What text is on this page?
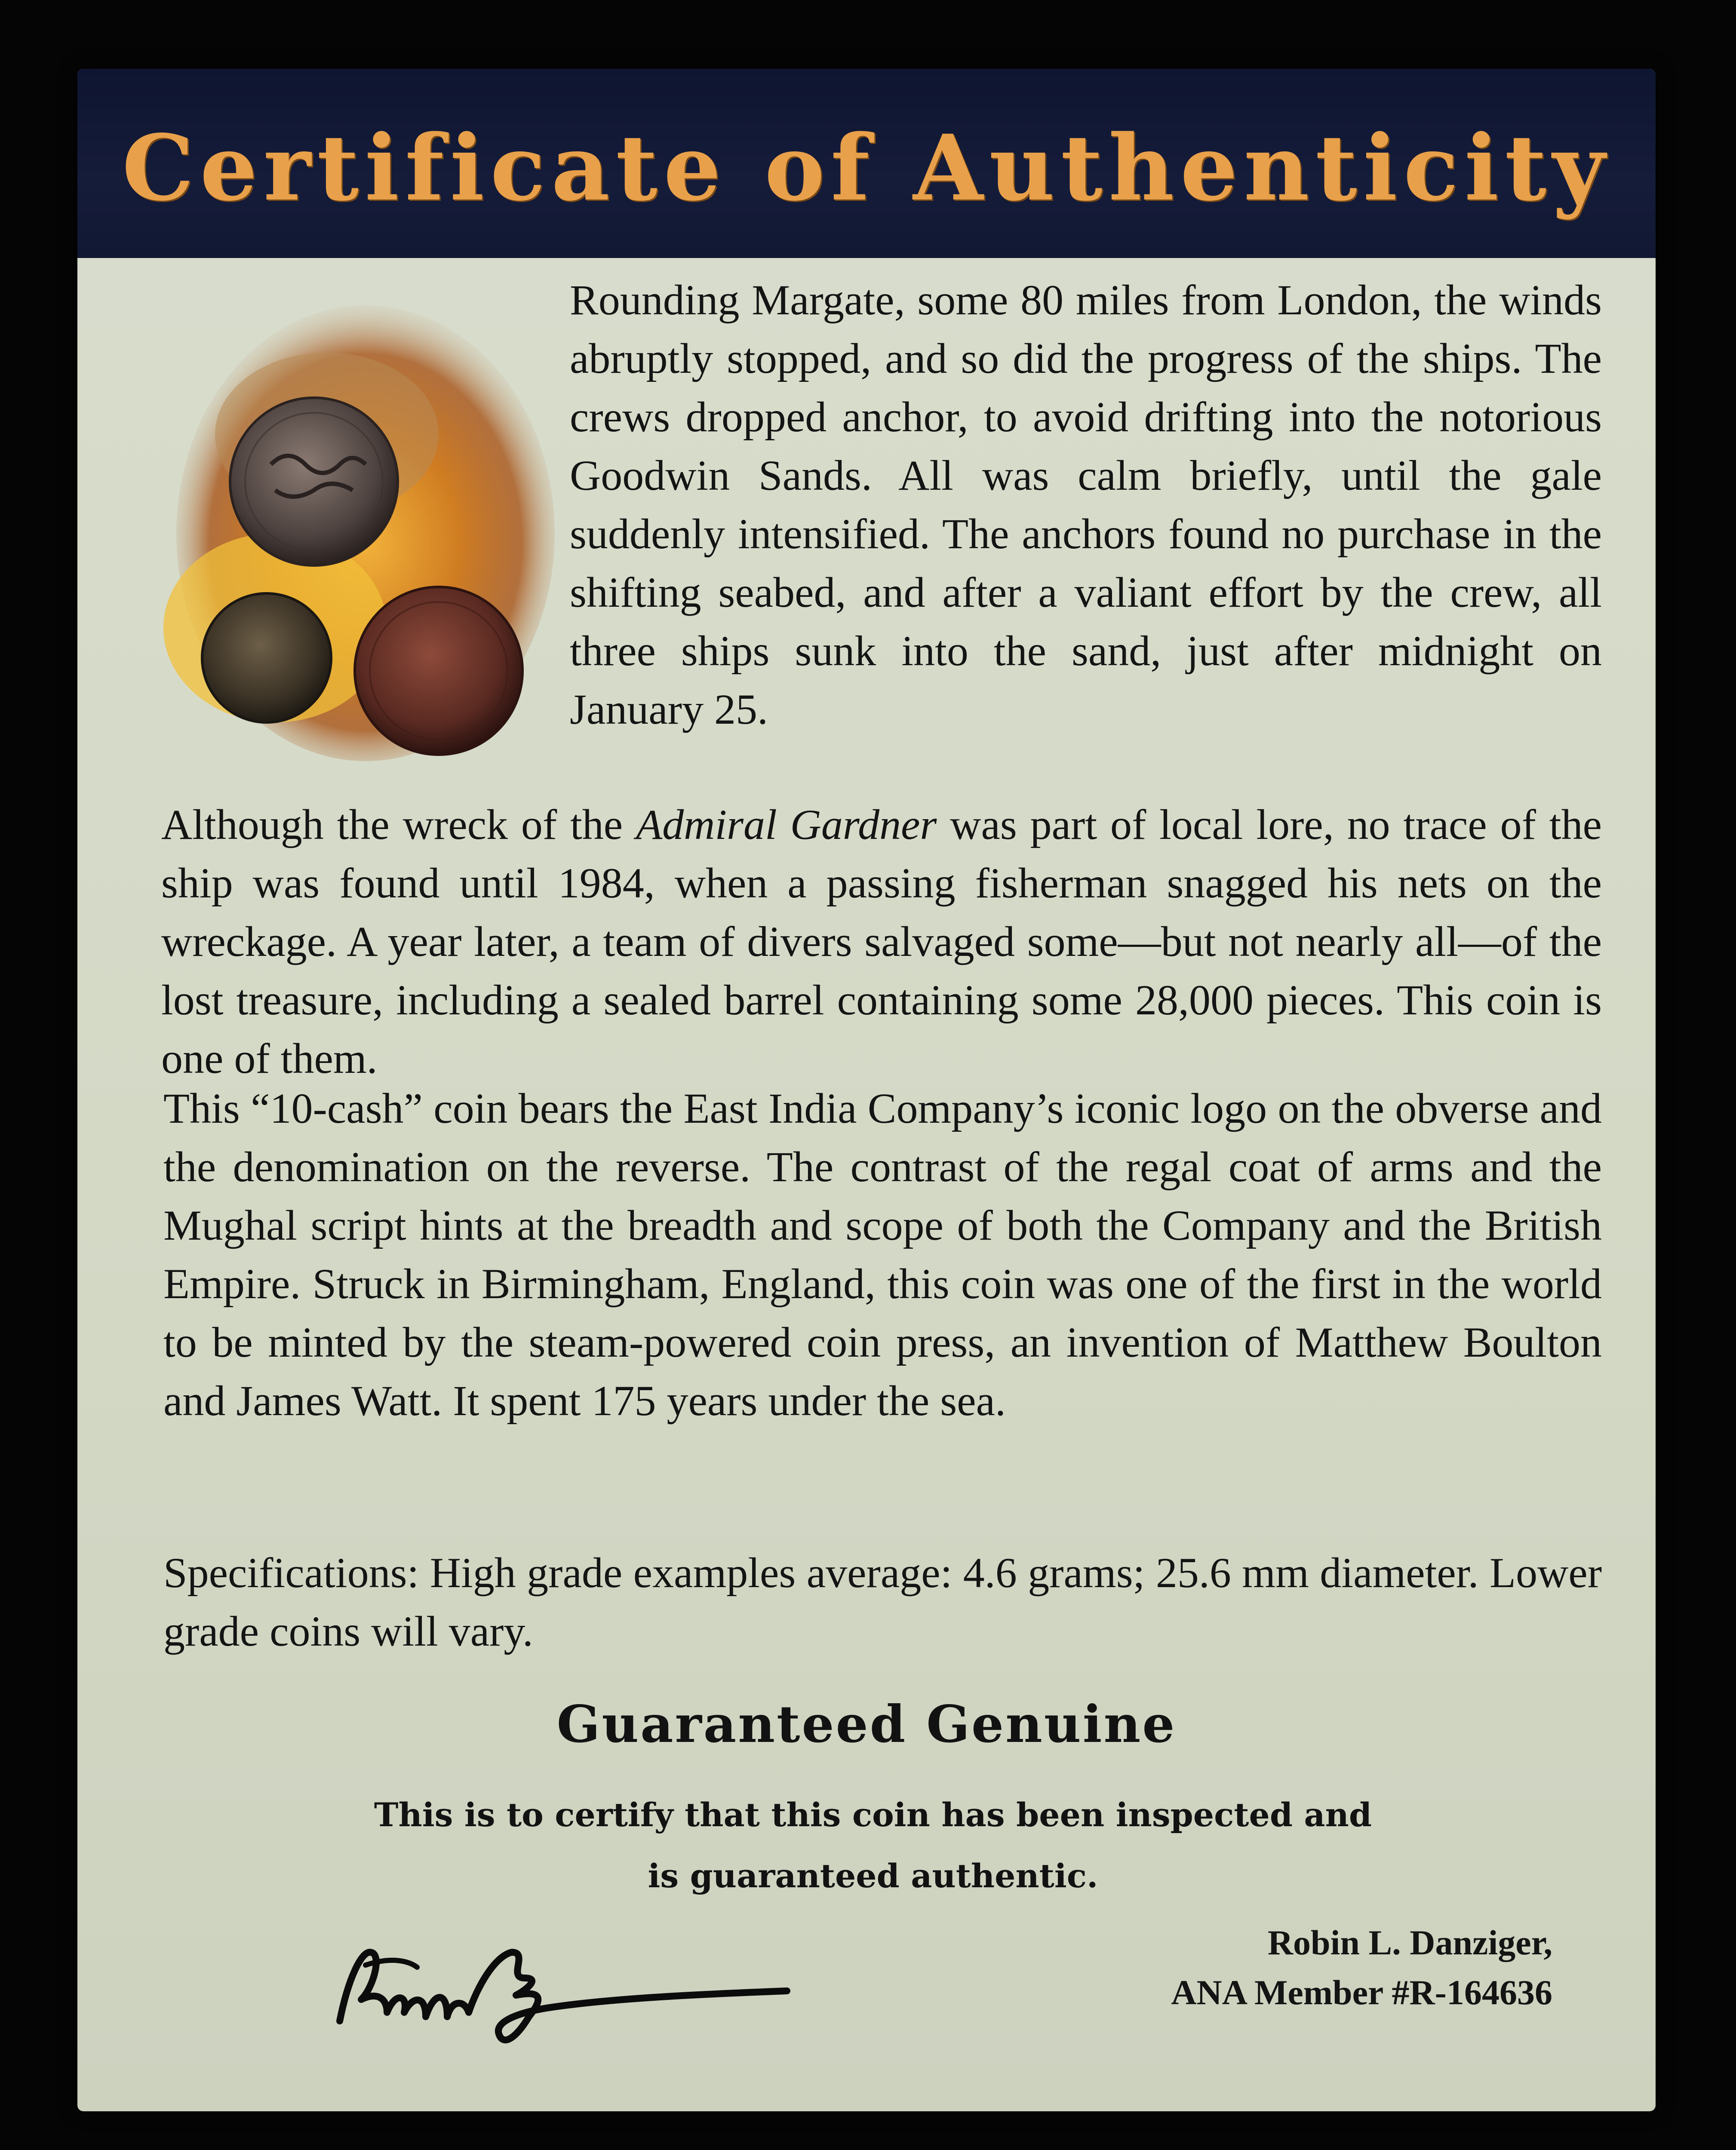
Certificate of Authenticity

Rounding Margate, some 80 miles from London, the winds abruptly stopped, and so did the progress of the ships. The crews dropped anchor, to avoid drifting into the notorious Goodwin Sands. All was calm briefly, until the gale suddenly intensified. The anchors found no purchase in the shifting seabed, and after a valiant effort by the crew, all three ships sunk into the sand, just after midnight on January 25.

Although the wreck of the Admiral Gardner was part of local lore, no trace of the ship was found until 1984, when a passing fisherman snagged his nets on the wreckage. A year later, a team of divers salvaged some—but not nearly all—of the lost treasure, including a sealed barrel containing some 28,000 pieces. This coin is one of them.

This “10-cash” coin bears the East India Company’s iconic logo on the obverse and the denomination on the reverse. The contrast of the regal coat of arms and the Mughal script hints at the breadth and scope of both the Company and the British Empire. Struck in Birmingham, England, this coin was one of the first in the world to be minted by the steam-powered coin press, an invention of Matthew Boulton and James Watt. It spent 175 years under the sea.

Specifications: High grade examples average: 4.6 grams; 25.6 mm diameter. Lower grade coins will vary.

Guaranteed Genuine
This is to certify that this coin has been inspected and
is guaranteed authentic.
Robin L. Danziger,
ANA Member #R-164636
